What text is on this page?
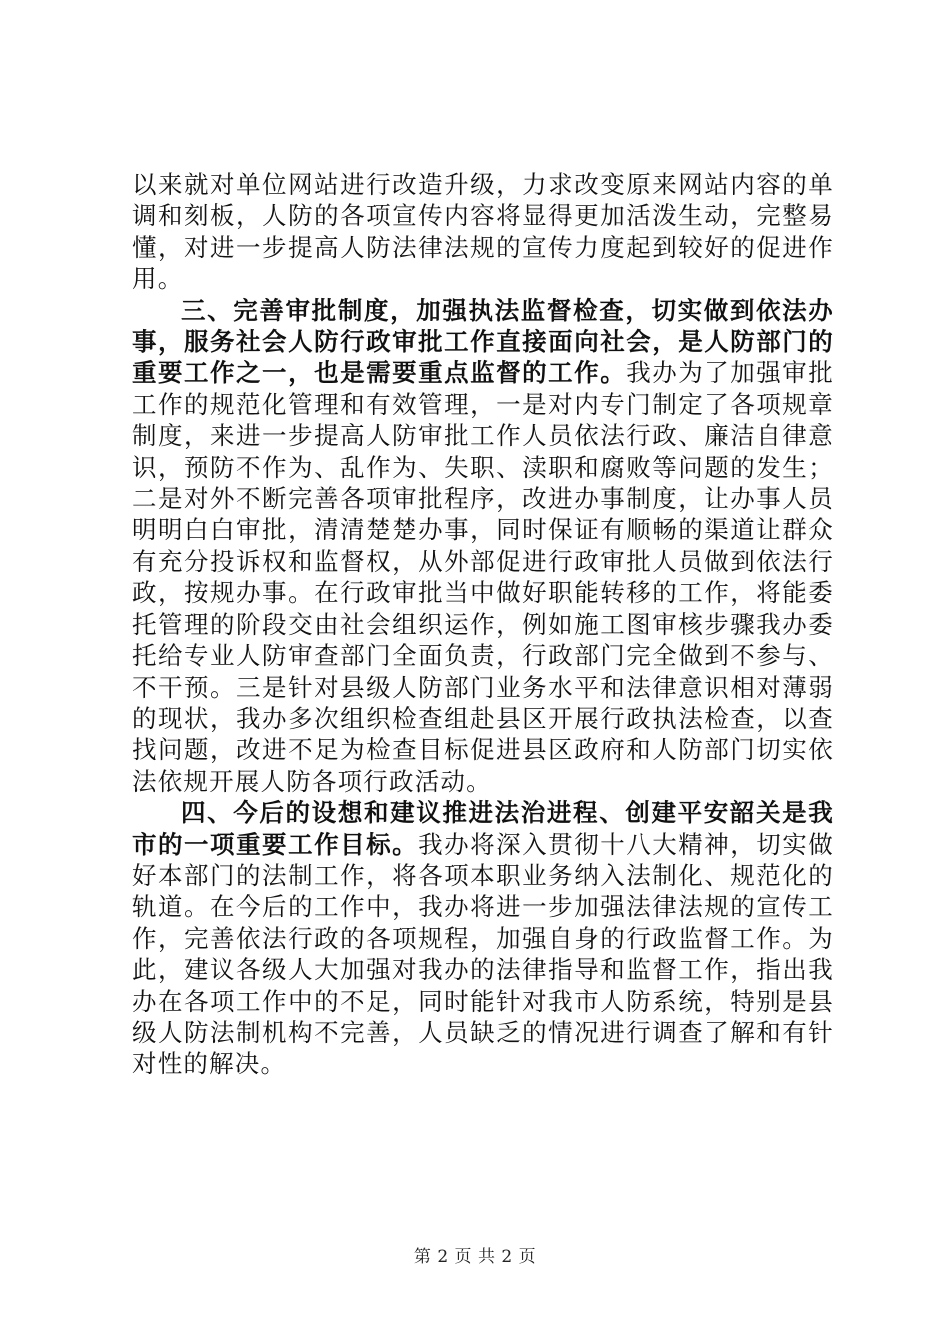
以来就对单位网站进行改造升级，力求改变原来网站内容的单调和刻板，人防的各项宣传内容将显得更加活泼生动，完整易懂，对进一步提高人防法律法规的宣传力度起到较好的促进作用。

三、完善审批制度，加强执法监督检查，切实做到依法办事，服务社会人防行政审批工作直接面向社会，是人防部门的重要工作之一，也是需要重点监督的工作。我办为了加强审批工作的规范化管理和有效管理，一是对内专门制定了各项规章制度，来进一步提高人防审批工作人员依法行政、廉洁自律意识，预防不作为、乱作为、失职、渎职和腐败等问题的发生；二是对外不断完善各项审批程序，改进办事制度，让办事人员明明白白审批，清清楚楚办事，同时保证有顺畅的渠道让群众有充分投诉权和监督权，从外部促进行政审批人员做到依法行政，按规办事。在行政审批当中做好职能转移的工作，将能委托管理的阶段交由社会组织运作，例如施工图审核步骤我办委托给专业人防审查部门全面负责，行政部门完全做到不参与、不干预。三是针对县级人防部门业务水平和法律意识相对薄弱的现状，我办多次组织检查组赴县区开展行政执法检查，以查找问题，改进不足为检查目标促进县区政府和人防部门切实依法依规开展人防各项行政活动。

四、今后的设想和建议推进法治进程、创建平安韶关是我市的一项重要工作目标。我办将深入贯彻十八大精神，切实做好本部门的法制工作，将各项本职业务纳入法制化、规范化的轨道。在今后的工作中，我办将进一步加强法律法规的宣传工作，完善依法行政的各项规程，加强自身的行政监督工作。为此，建议各级人大加强对我办的法律指导和监督工作，指出我办在各项工作中的不足，同时能针对我市人防系统，特别是县级人防法制机构不完善，人员缺乏的情况进行调查了解和有针对性的解决。

第 2 页 共 2 页
